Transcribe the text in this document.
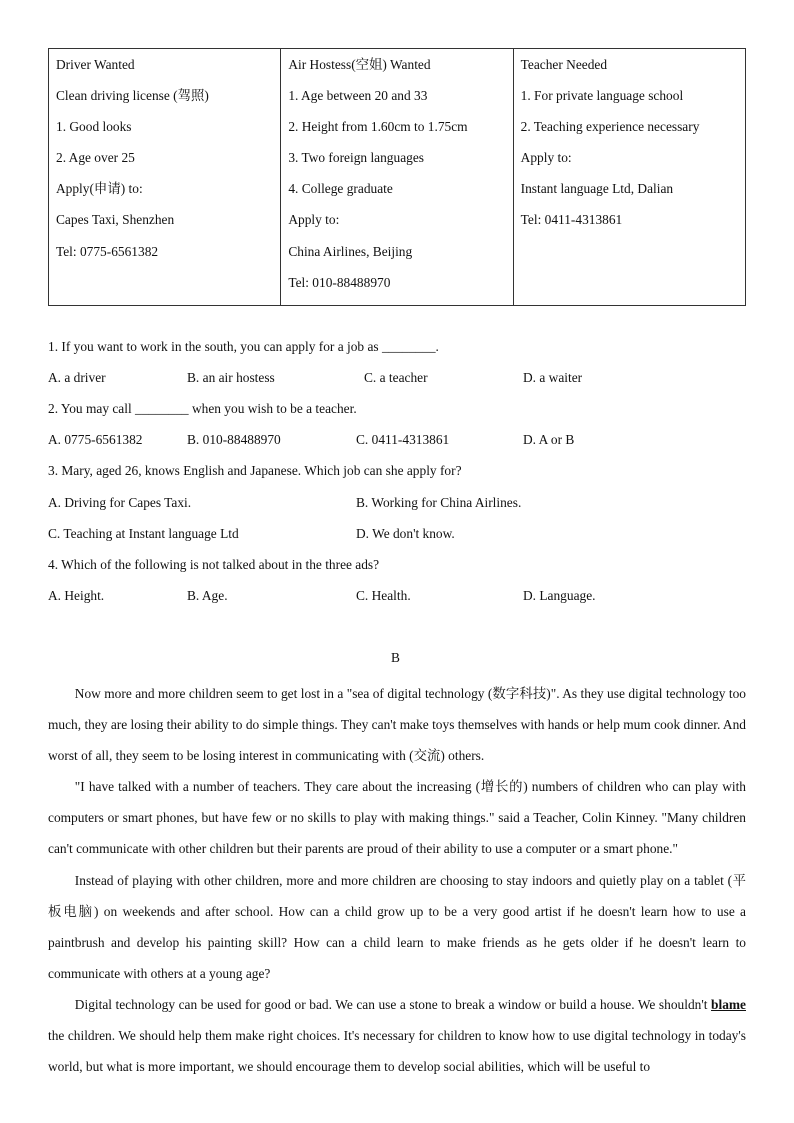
Driver Wanted
Clean driving license (驾照)
1. Good looks
2. Age over 25
Apply(申请) to:
Capes Taxi, Shenzhen
Tel: 0775-6561382

Air Hostess(空姐) Wanted
1. Age between 20 and 33
2. Height from 1.60cm to 1.75cm
3. Two foreign languages
4. College graduate
Apply to:
China Airlines, Beijing
Tel: 010-88488970

Teacher Needed
1. For private language school
2. Teaching experience necessary
Apply to:
Instant language Ltd, Dalian
Tel: 0411-4313861
1. If you want to work in the south, you can apply for a job as ________.
A. a driver	B. an air hostess	C. a teacher	D. a waiter
2. You may call ________ when you wish to be a teacher.
A. 0775-6561382	B. 010-88488970	C. 0411-4313861	D. A or B
3. Mary, aged 26, knows English and Japanese. Which job can she apply for?
A. Driving for Capes Taxi.	B. Working for China Airlines.
C. Teaching at Instant language Ltd	D. We don't know.
4. Which of the following is not talked about in the three ads?
A. Height.	B. Age.	C. Health.	D. Language.
B

Now more and more children seem to get lost in a "sea of digital technology (数字科技)". As they use digital technology too much, they are losing their ability to do simple things. They can't make toys themselves with hands or help mum cook dinner. And worst of all, they seem to be losing interest in communicating with (交流) others.

"I have talked with a number of teachers. They care about the increasing (增长的) numbers of children who can play with computers or smart phones, but have few or no skills to play with making things." said a Teacher, Colin Kinney. "Many children can't communicate with other children but their parents are proud of their ability to use a computer or a smart phone."

Instead of playing with other children, more and more children are choosing to stay indoors and quietly play on a tablet (平板电脑) on weekends and after school. How can a child grow up to be a very good artist if he doesn't learn how to use a paintbrush and develop his painting skill? How can a child learn to make friends as he gets older if he doesn't learn to communicate with others at a young age?

Digital technology can be used for good or bad. We can use a stone to break a window or build a house. We shouldn't blame the children. We should help them make right choices. It's necessary for children to know how to use digital technology in today's world, but what is more important, we should encourage them to develop social abilities, which will be useful to
